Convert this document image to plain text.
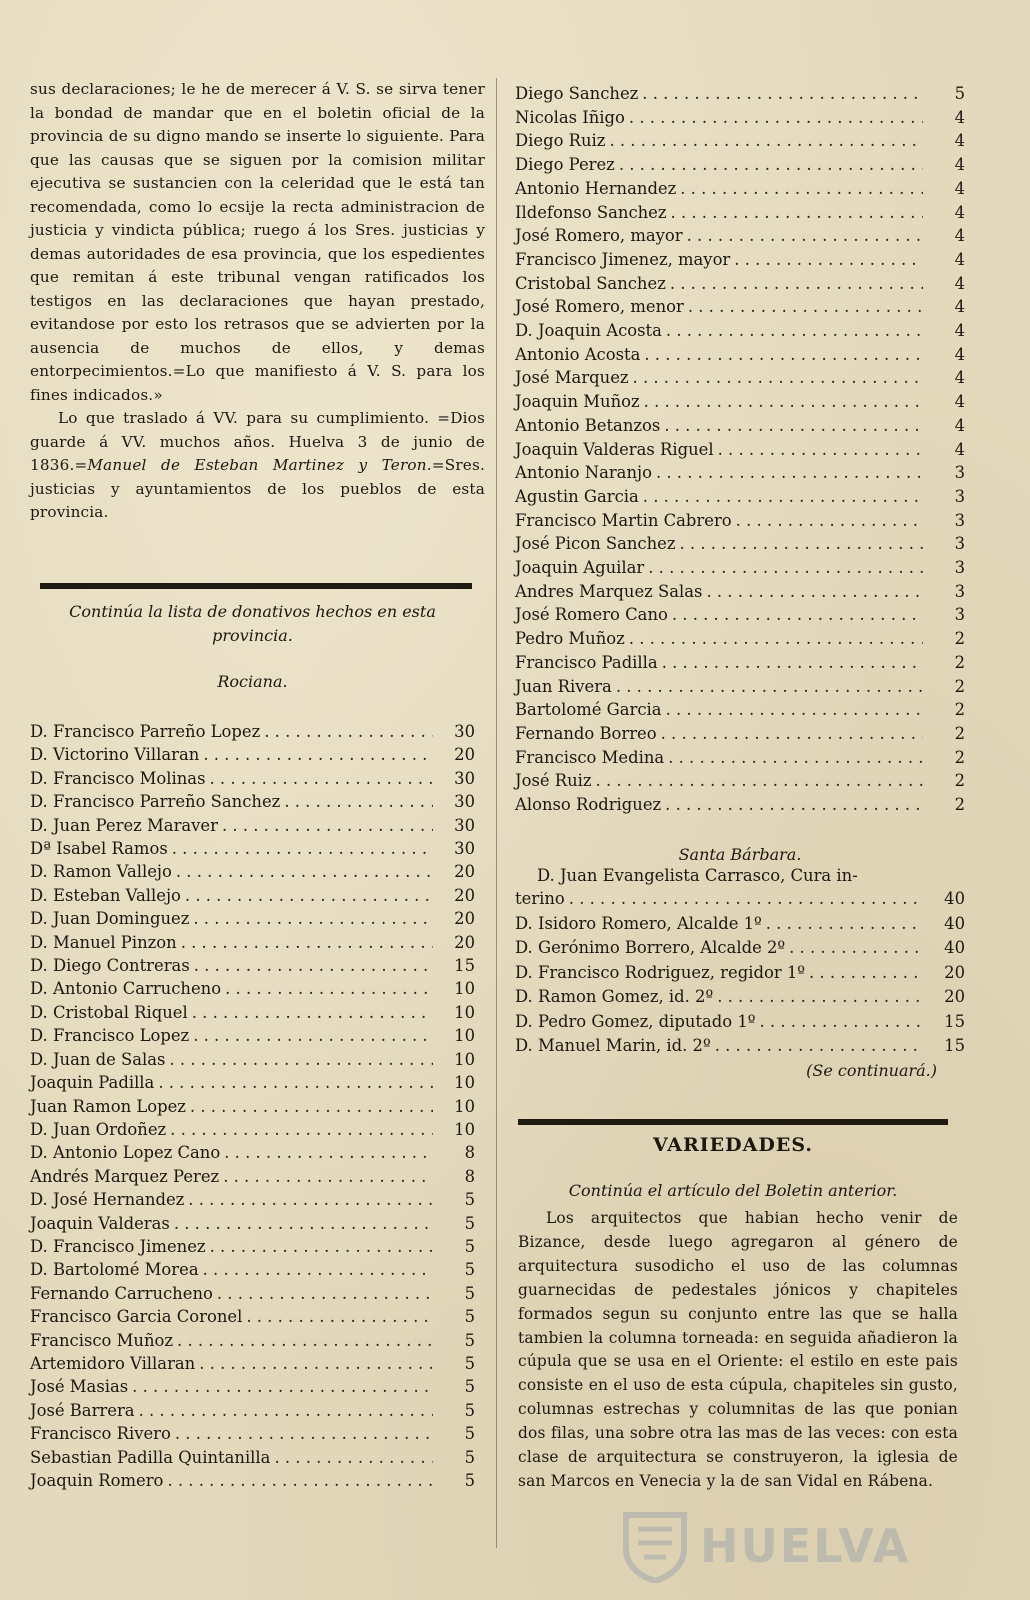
sus declaraciones; le he de merecer á V. S. se sirva tener la bondad de mandar que en el boletin oficial de la provincia de su digno mando se inserte lo siguiente. Para que las causas que se siguen por la comision militar ejecutiva se sustancien con la celeridad que le está tan recomendada, como lo ecsije la recta administracion de justicia y vindicta pública; ruego á los Sres. justicias y demas autoridades de esa provincia, que los espedientes que remitan á este tribunal vengan ratificados los testigos en las declaraciones que hayan prestado, evitandose por esto los retrasos que se advierten por la ausencia de muchos de ellos, y demas entorpecimientos.=Lo que manifiesto á V. S. para los fines indicados.»

Lo que traslado á VV. para su cumplimiento. =Dios guarde á VV. muchos años. Huelva 3 de junio de 1836.=Manuel de Esteban Martinez y Teron.=Sres. justicias y ayuntamientos de los pueblos de esta provincia.

Continúa la lista de donativos hechos en esta provincia.

Rociana.

D. Francisco Parreño Lopez . . .	30
D. Victorino Villaran . . .	20
D. Francisco Molinas . . .	30
D. Francisco Parreño Sanchez . . .	30
D. Juan Perez Maraver . . .	30
Dª Isabel Ramos . . .	30
D. Ramon Vallejo . . .	20
D. Esteban Vallejo . . .	20
D. Juan Dominguez . . .	20
D. Manuel Pinzon . . .	20
D. Diego Contreras . . .	15
D. Antonio Carrucheno . . .	10
D. Cristobal Riquel . . .	10
D. Francisco Lopez . . .	10
D. Juan de Salas . . .	10
Joaquin Padilla . . .	10
Juan Ramon Lopez . . .	10
D. Juan Ordoñez . . .	10
D. Antonio Lopez Cano . . .	8
Andrés Marquez Perez . . .	8
D. José Hernandez . . .	5
Joaquin Valderas . . .	5
D. Francisco Jimenez . . .	5
D. Bartolomé Morea . . .	5
Fernando Carrucheno . . .	5
Francisco Garcia Coronel . . .	5
Francisco Muñoz . . .	5
Artemidoro Villaran . . .	5
José Masias . . .	5
José Barrera . . .	5
Francisco Rivero . . .	5
Sebastian Padilla Quintanilla . . .	5
Joaquin Romero . . .	5
Diego Sanchez . . .	5
Nicolas Iñigo . . .	4
Diego Ruiz . . .	4
Diego Perez . . .	4
Antonio Hernandez . . .	4
Ildefonso Sanchez . . .	4
José Romero, mayor . . .	4
Francisco Jimenez, mayor . . .	4
Cristobal Sanchez . . .	4
José Romero, menor . . .	4
D. Joaquin Acosta . . .	4
Antonio Acosta . . .	4
José Marquez . . .	4
Joaquin Muñoz . . .	4
Antonio Betanzos . . .	4
Joaquin Valderas Riguel . . .	4
Antonio Naranjo . . .	3
Agustin Garcia . . .	3
Francisco Martin Cabrero . . .	3
José Picon Sanchez . . .	3
Joaquin Aguilar . . .	3
Andres Marquez Salas . . .	3
José Romero Cano . . .	3
Pedro Muñoz . . .	2
Francisco Padilla . . .	2
Juan Rivera . . .	2
Bartolomé Garcia . . .	2
Fernando Borreo . . .	2
Francisco Medina . . .	2
José Ruiz . . .	2
Alonso Rodriguez . . .	2

Santa Bárbara.

D. Juan Evangelista Carrasco, Cura in-
terino . . .	40
D. Isidoro Romero, Alcalde 1º . . .	40
D. Gerónimo Borrero, Alcalde 2º . . .	40
D. Francisco Rodriguez, regidor 1º . . .	20
D. Ramon Gomez, id. 2º . . .	20
D. Pedro Gomez, diputado 1º . . .	15
D. Manuel Marin, id. 2º . . .	15
(Se continuará.)
VARIEDADES.
Continúa el artículo del Boletin anterior.

Los arquitectos que habian hecho venir de Bizance, desde luego agregaron al género de arquitectura susodicho el uso de las columnas guarnecidas de pedestales jónicos y chapiteles formados segun su conjunto entre las que se halla tambien la columna torneada: en seguida añadieron la cúpula que se usa en el Oriente: el estilo en este pais consiste en el uso de esta cúpula, chapiteles sin gusto, columnas estrechas y columnitas de las que ponian dos filas, una sobre otra las mas de las veces: con esta clase de arquitectura se construyeron, la iglesia de san Marcos en Venecia y la de san Vidal en Rábena.

HUELVA
